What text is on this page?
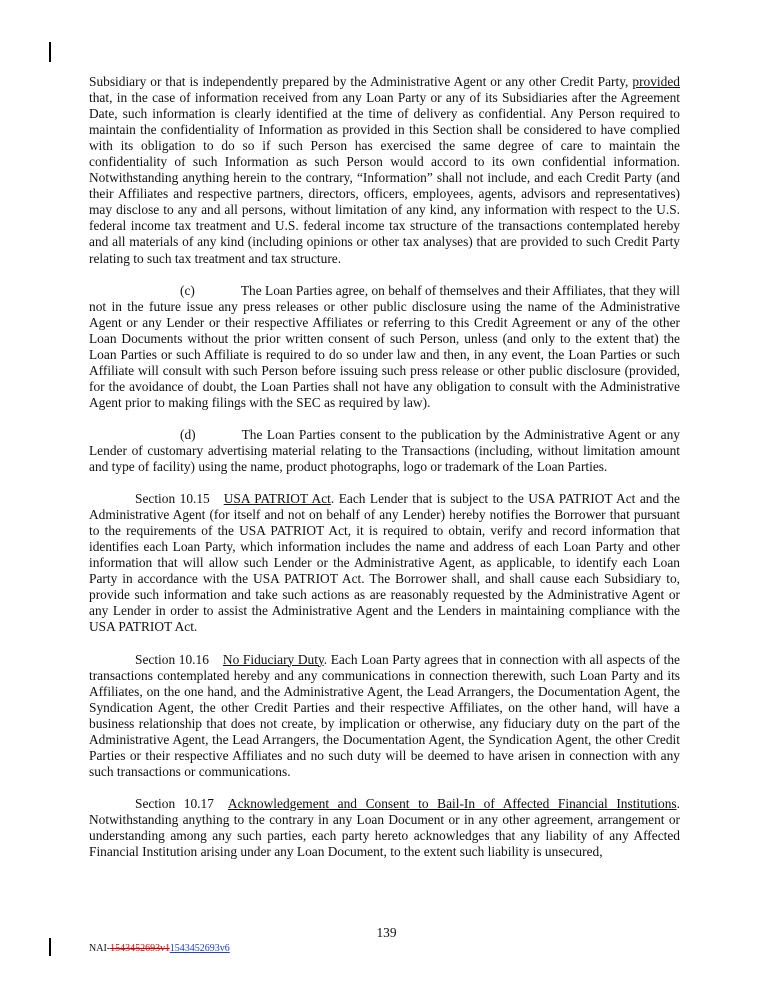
Subsidiary or that is independently prepared by the Administrative Agent or any other Credit Party, provided that, in the case of information received from any Loan Party or any of its Subsidiaries after the Agreement Date, such information is clearly identified at the time of delivery as confidential. Any Person required to maintain the confidentiality of Information as provided in this Section shall be considered to have complied with its obligation to do so if such Person has exercised the same degree of care to maintain the confidentiality of such Information as such Person would accord to its own confidential information. Notwithstanding anything herein to the contrary, “Information” shall not include, and each Credit Party (and their Affiliates and respective partners, directors, officers, employees, agents, advisors and representatives) may disclose to any and all persons, without limitation of any kind, any information with respect to the U.S. federal income tax treatment and U.S. federal income tax structure of the transactions contemplated hereby and all materials of any kind (including opinions or other tax analyses) that are provided to such Credit Party relating to such tax treatment and tax structure.

(c)	The Loan Parties agree, on behalf of themselves and their Affiliates, that they will not in the future issue any press releases or other public disclosure using the name of the Administrative Agent or any Lender or their respective Affiliates or referring to this Credit Agreement or any of the other Loan Documents without the prior written consent of such Person, unless (and only to the extent that) the Loan Parties or such Affiliate is required to do so under law and then, in any event, the Loan Parties or such Affiliate will consult with such Person before issuing such press release or other public disclosure (provided, for the avoidance of doubt, the Loan Parties shall not have any obligation to consult with the Administrative Agent prior to making filings with the SEC as required by law).

(d)	The Loan Parties consent to the publication by the Administrative Agent or any Lender of customary advertising material relating to the Transactions (including, without limitation amount and type of facility) using the name, product photographs, logo or trademark of the Loan Parties.

Section 10.15 USA PATRIOT Act. Each Lender that is subject to the USA PATRIOT Act and the Administrative Agent (for itself and not on behalf of any Lender) hereby notifies the Borrower that pursuant to the requirements of the USA PATRIOT Act, it is required to obtain, verify and record information that identifies each Loan Party, which information includes the name and address of each Loan Party and other information that will allow such Lender or the Administrative Agent, as applicable, to identify each Loan Party in accordance with the USA PATRIOT Act. The Borrower shall, and shall cause each Subsidiary to, provide such information and take such actions as are reasonably requested by the Administrative Agent or any Lender in order to assist the Administrative Agent and the Lenders in maintaining compliance with the USA PATRIOT Act.

Section 10.16 No Fiduciary Duty. Each Loan Party agrees that in connection with all aspects of the transactions contemplated hereby and any communications in connection therewith, such Loan Party and its Affiliates, on the one hand, and the Administrative Agent, the Lead Arrangers, the Documentation Agent, the Syndication Agent, the other Credit Parties and their respective Affiliates, on the other hand, will have a business relationship that does not create, by implication or otherwise, any fiduciary duty on the part of the Administrative Agent, the Lead Arrangers, the Documentation Agent, the Syndication Agent, the other Credit Parties or their respective Affiliates and no such duty will be deemed to have arisen in connection with any such transactions or communications.

Section 10.17 Acknowledgement and Consent to Bail-In of Affected Financial Institutions. Notwithstanding anything to the contrary in any Loan Document or in any other agreement, arrangement or understanding among any such parties, each party hereto acknowledges that any liability of any Affected Financial Institution arising under any Loan Document, to the extent such liability is unsecured,

139
NAI-1543452693v11543452693v6
